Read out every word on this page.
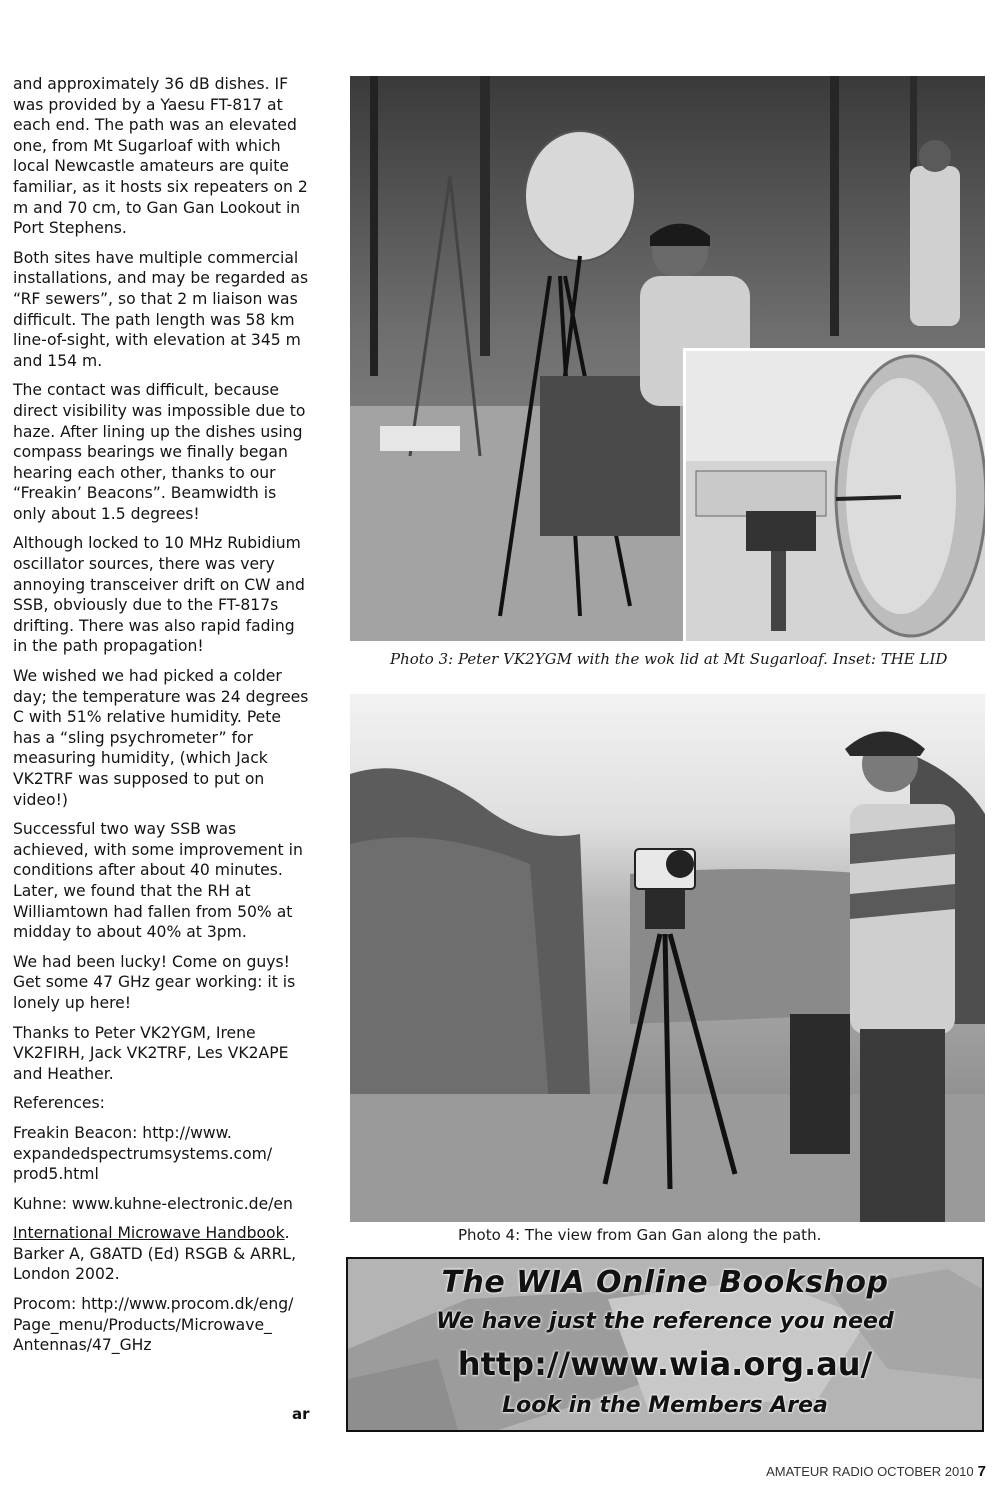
and approximately 36 dB dishes. IF was provided by a Yaesu FT-817 at each end. The path was an elevated one, from Mt Sugarloaf with which local Newcastle amateurs are quite familiar, as it hosts six repeaters on 2 m and 70 cm, to Gan Gan Lookout in Port Stephens.

Both sites have multiple commercial installations, and may be regarded as “RF sewers”, so that 2 m liaison was difficult. The path length was 58 km line-of-sight, with elevation at 345 m and 154 m.

The contact was difficult, because direct visibility was impossible due to haze. After lining up the dishes using compass bearings we finally began hearing each other, thanks to our “Freakin’ Beacons”. Beamwidth is only about 1.5 degrees!

Although locked to 10 MHz Rubidium oscillator sources, there was very annoying transceiver drift on CW and SSB, obviously due to the FT-817s drifting. There was also rapid fading in the path propagation!

We wished we had picked a colder day; the temperature was 24 degrees C with 51% relative humidity. Pete has a “sling psychrometer” for measuring humidity, (which Jack VK2TRF was supposed to put on video!)

Successful two way SSB was achieved, with some improvement in conditions after about 40 minutes. Later, we found that the RH at Williamtown had fallen from 50% at midday to about 40% at 3pm.

We had been lucky! Come on guys! Get some 47 GHz gear working: it is lonely up here!

Thanks to Peter VK2YGM, Irene VK2FIRH, Jack VK2TRF, Les VK2APE and Heather.

References:

Freakin Beacon: http://www. expandedspectrumsystems.com/ prod5.html

Kuhne: www.kuhne-electronic.de/en

International Microwave Handbook. Barker A, G8ATD (Ed) RSGB & ARRL, London 2002.

Procom: http://www.procom.dk/eng/ Page_menu/Products/Microwave_ Antennas/47_GHz

ar
Photo 3: Peter VK2YGM with the wok lid at Mt Sugarloaf. Inset: THE LID
Photo 4: The view from Gan Gan along the path.
The WIA Online Bookshop
We have just the reference you need
http://www.wia.org.au/
Look in the Members Area
AMATEUR RADIO OCTOBER 2010 7
